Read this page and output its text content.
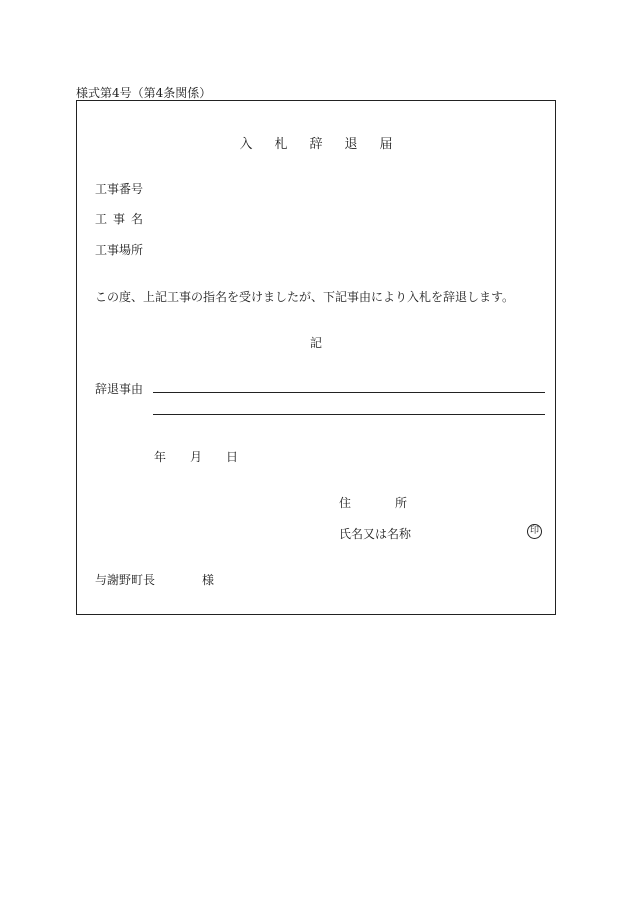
様式第4号（第4条関係）
入札辞退届
工事番号
工事名
工事場所
この度、上記工事の指名を受けましたが、下記事由により入札を辞退します。
記
辞退事由
年 月 日
住	所
氏名又は名称	印
与謝野町長	様
